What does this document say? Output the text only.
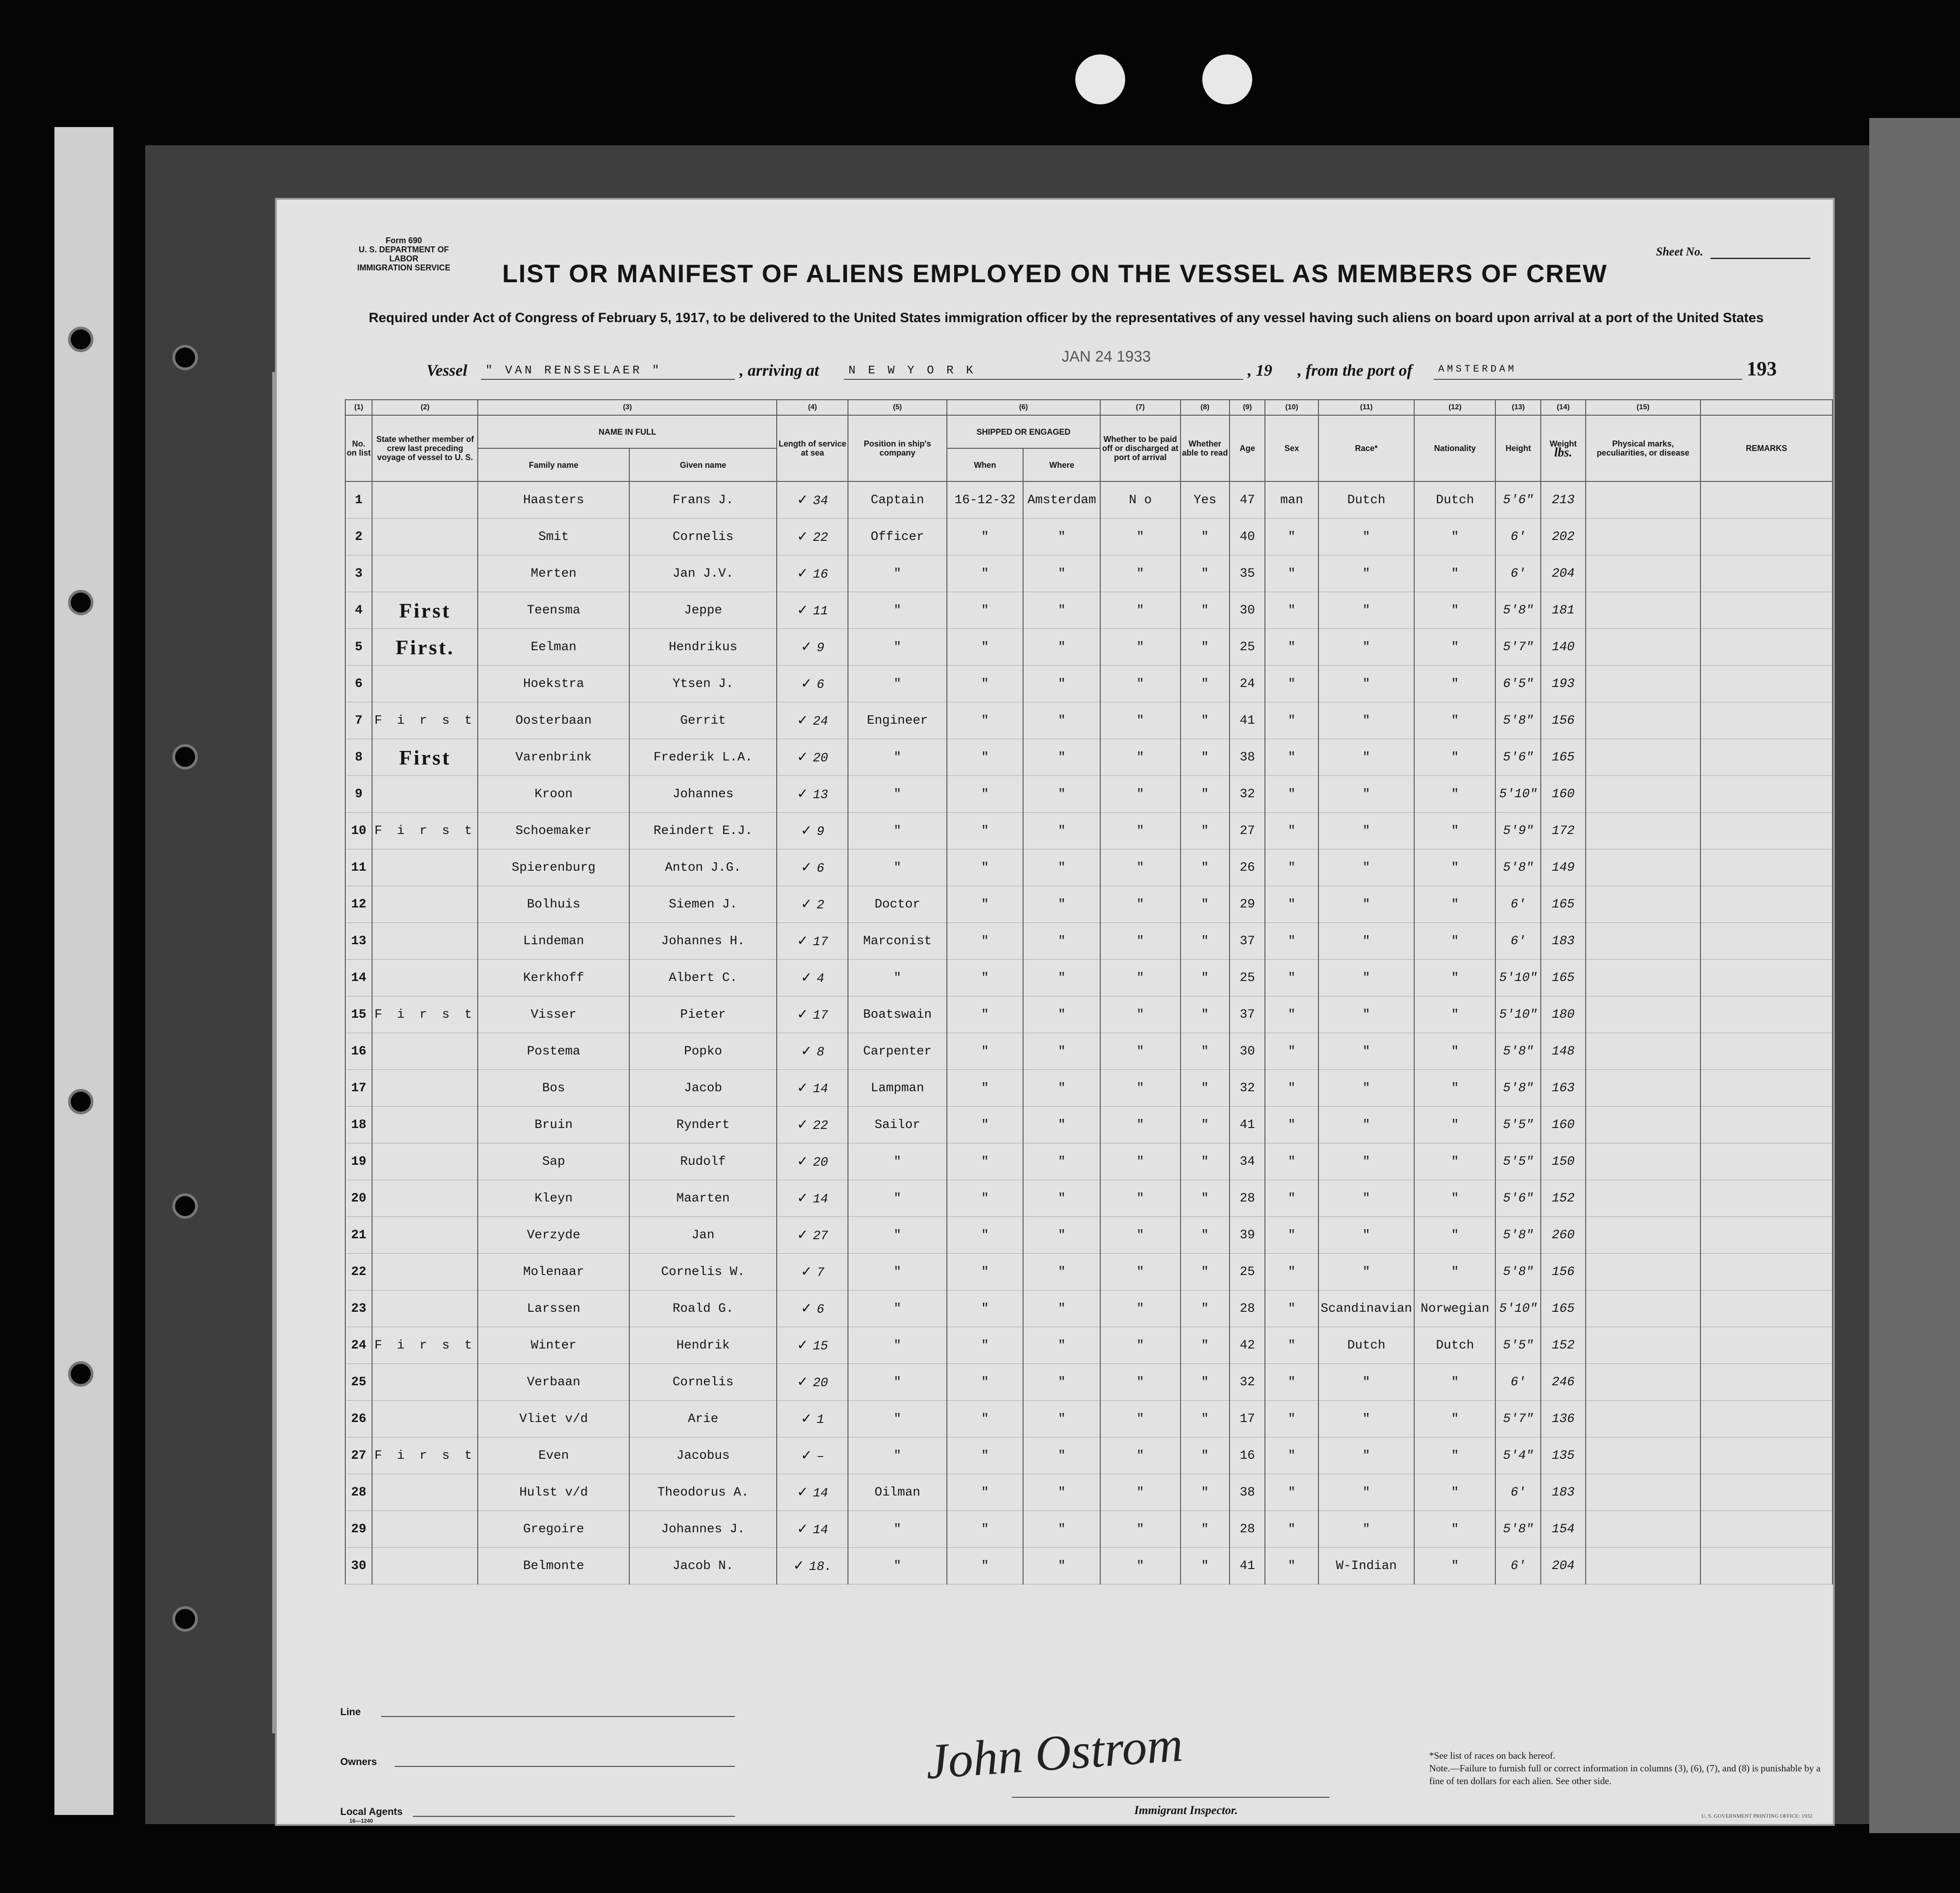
Form 690
U. S. DEPARTMENT OF LABOR
IMMIGRATION SERVICE
Sheet No.
LIST OR MANIFEST OF ALIENS EMPLOYED ON THE VESSEL AS MEMBERS OF CREW
Required under Act of Congress of February 5, 1917, to be delivered to the United States immigration officer by the representatives of any vessel having such aliens on board upon arrival at a port of the United States
Vessel " VAN RENSSELAER "	, arriving at N E W Y O R K
JAN 24 1933
, 19 , from the port of	AMSTERDAM	193
(1)	(2)	(3)		(4)	(5)	(6)		(7)	(8)	(9)	(10)	(11)	(12)	(13)	(14)	(15)	
No. on list	State whether member of crew last preceding voyage of vessel to U. S.	NAME IN FULL		Length of service at sea	Position in ship's company	SHIPPED OR ENGAGED		Whether to be paid off or discharged at port of arrival	Whether able to read	Age	Sex	Race*	Nationality	Height	Weight
lbs.	Physical marks, peculiarities, or disease	REMARKS
		Family name	Given name			When	Where										
1		Haasters	Frans J.	✓ 34	Captain	16-12-32	Amsterdam	N o	Yes	47	man	Dutch	Dutch	5'6"	213		
2		Smit	Cornelis	✓ 22	Officer	"	"	"	"	40	"	"	"	6'	202		
3		Merten	Jan J.V.	✓ 16	"	"	"	"	"	35	"	"	"	6'	204		
4	First	Teensma	Jeppe	✓ 11	"	"	"	"	"	30	"	"	"	5'8"	181		
5	First.	Eelman	Hendrikus	✓ 9	"	"	"	"	"	25	"	"	"	5'7"	140		
6		Hoekstra	Ytsen J.	✓ 6	"	"	"	"	"	24	"	"	"	6'5"	193		
7	F i r s t	Oosterbaan	Gerrit	✓ 24	Engineer	"	"	"	"	41	"	"	"	5'8"	156		
8	First	Varenbrink	Frederik L.A.	✓ 20	"	"	"	"	"	38	"	"	"	5'6"	165		
9		Kroon	Johannes	✓ 13	"	"	"	"	"	32	"	"	"	5'10"	160		
10	F i r s t	Schoemaker	Reindert E.J.	✓ 9	"	"	"	"	"	27	"	"	"	5'9"	172		
11		Spierenburg	Anton J.G.	✓ 6	"	"	"	"	"	26	"	"	"	5'8"	149		
12		Bolhuis	Siemen J.	✓ 2	Doctor	"	"	"	"	29	"	"	"	6'	165		
13		Lindeman	Johannes H.	✓ 17	Marconist	"	"	"	"	37	"	"	"	6'	183		
14		Kerkhoff	Albert C.	✓ 4	"	"	"	"	"	25	"	"	"	5'10"	165		
15	F i r s t	Visser	Pieter	✓ 17	Boatswain	"	"	"	"	37	"	"	"	5'10"	180		
16		Postema	Popko	✓ 8	Carpenter	"	"	"	"	30	"	"	"	5'8"	148		
17		Bos	Jacob	✓ 14	Lampman	"	"	"	"	32	"	"	"	5'8"	163		
18		Bruin	Ryndert	✓ 22	Sailor	"	"	"	"	41	"	"	"	5'5"	160		
19		Sap	Rudolf	✓ 20	"	"	"	"	"	34	"	"	"	5'5"	150		
20		Kleyn	Maarten	✓ 14	"	"	"	"	"	28	"	"	"	5'6"	152		
21		Verzyde	Jan	✓ 27	"	"	"	"	"	39	"	"	"	5'8"	260		
22		Molenaar	Cornelis W.	✓ 7	"	"	"	"	"	25	"	"	"	5'8"	156		
23		Larssen	Roald G.	✓ 6	"	"	"	"	"	28	"	Scandinavian	Norwegian	5'10"	165		
24	F i r s t	Winter	Hendrik	✓ 15	"	"	"	"	"	42	"	Dutch	Dutch	5'5"	152		
25		Verbaan	Cornelis	✓ 20	"	"	"	"	"	32	"	"	"	6'	246		
26		Vliet v/d	Arie	✓ 1	"	"	"	"	"	17	"	"	"	5'7"	136		
27	F i r s t	Even	Jacobus	✓ –	"	"	"	"	"	16	"	"	"	5'4"	135		
28		Hulst v/d	Theodorus A.	✓ 14	Oilman	"	"	"	"	38	"	"	"	6'	183		
29		Gregoire	Johannes J.	✓ 14	"	"	"	"	"	28	"	"	"	5'8"	154		
30		Belmonte	Jacob N.	✓ 18.	"	"	"	"	"	41	"	W-Indian	"	6'	204		
Line
Owners
Local Agents
16—1240
John Ostrom
Immigrant Inspector.
*See list of races on back hereof.
Note.—Failure to furnish full or correct information in columns (3), (6), (7), and (8) is punishable by a fine of ten dollars for each alien. See other side.
U. S. GOVERNMENT PRINTING OFFICE: 1932
